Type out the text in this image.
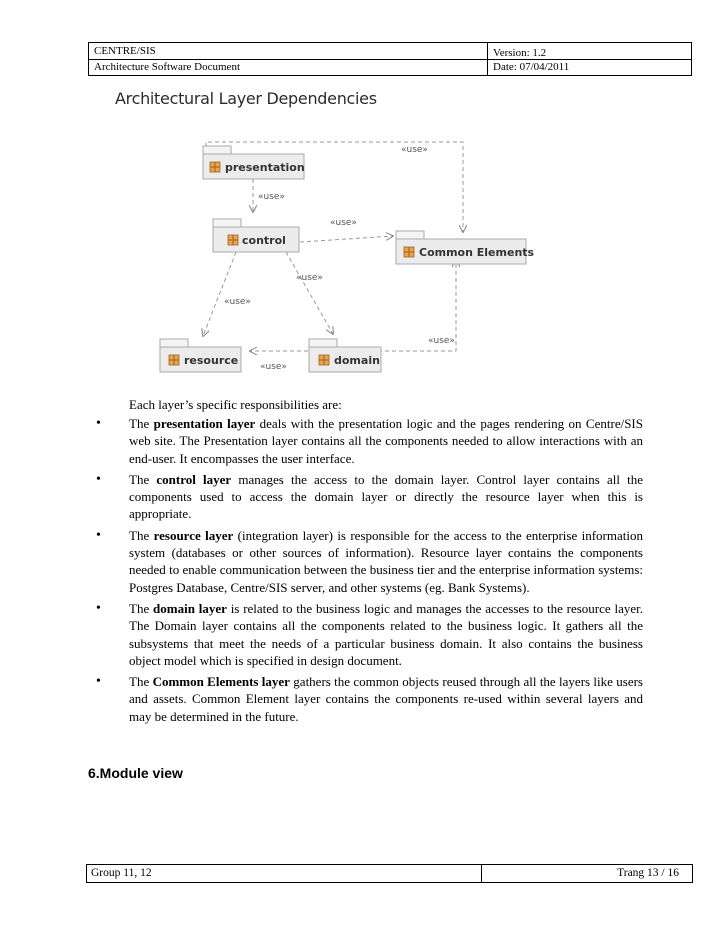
CENTRE/SIS	Version: 1.2
Architecture Software Document	Date: 07/04/2011
Architectural Layer Dependencies
«use»
«use»
«use»
«use»
«use»
«use»
«use»
presentation
control
Common Elements
resource	domain
Each layer’s specific responsibilities are:
• The presentation layer deals with the presentation logic and the pages rendering on Centre/SIS web site. The Presentation layer contains all the components needed to allow interactions with an end-user. It encompasses the user interface.
• The control layer manages the access to the domain layer. Control layer contains all the components used to access the domain layer or directly the resource layer when this is appropriate.
• The resource layer (integration layer) is responsible for the access to the enterprise information system (databases or other sources of information). Resource layer contains the components needed to enable communication between the business tier and the enterprise information systems: Postgres Database, Centre/SIS server, and other systems (eg. Bank Systems).
• The domain layer is related to the business logic and manages the accesses to the resource layer. The Domain layer contains all the components related to the business logic. It gathers all the subsystems that meet the needs of a particular business domain. It also contains the business object model which is specified in design document.
• The Common Elements layer gathers the common objects reused through all the layers like users and assets. Common Element layer contains the components re-used within several layers and may be determined in the future.
6.Module view
Group 11, 12	Trang 13 / 16
